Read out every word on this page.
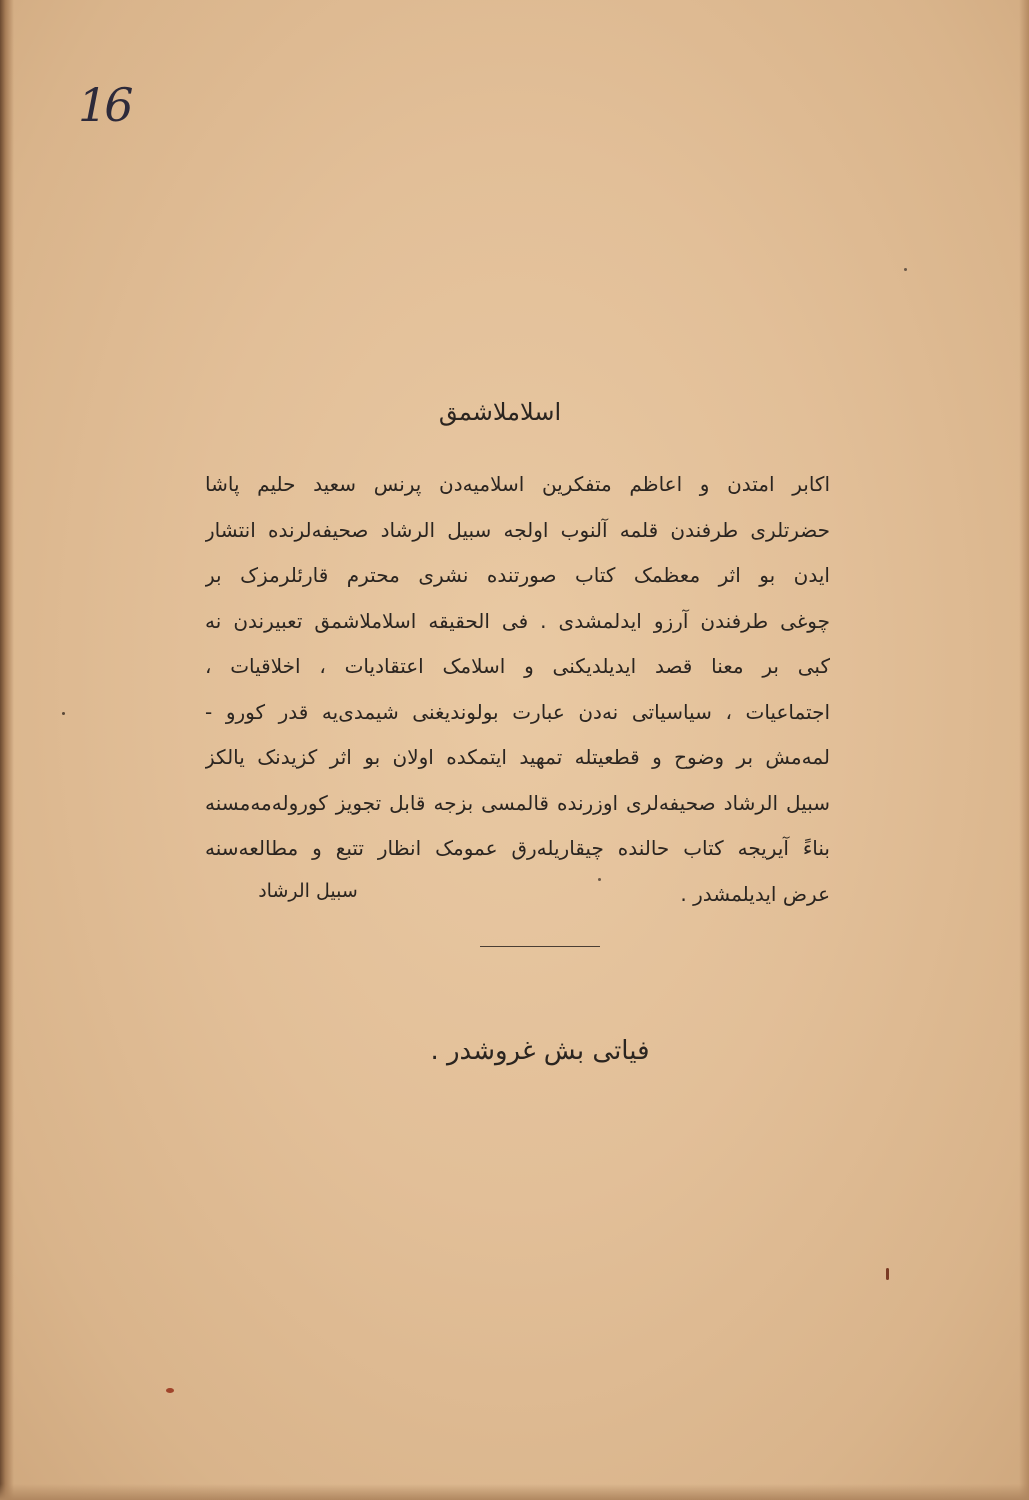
16
اسلاملاشمق
اکابر امتدن و اعاظم متفکرین اسلامیه‌دن پرنس سعید حلیم پاشا
حضرتلری طرفندن قلمه آلنوب اولجه سبیل الرشاد صحیفه‌لرنده انتشار
ایدن بو اثر معظمک کتاب صورتنده نشری محترم قارئلرمزک بر
چوغی طرفندن آرزو ایدلمشدی . فی الحقیقه اسلاملاشمق تعبیرندن نه
کبی بر معنا قصد ایدیلدیکنی و اسلامک اعتقادیات ، اخلاقیات ،
اجتماعیات ، سیاسیاتی نه‌دن عبارت بولوندیغنی شیمدی‌یه قدر کورو -
لمه‌مش بر وضوح و قطعیتله تمهید ایتمکده اولان بو اثر کزیدنک یالکز
سبیل الرشاد صحیفه‌لری اوزرنده قالمسی بزجه قابل تجویز کوروله‌مه‌مسنه
بناءً آیریجه کتاب حالنده چیقاریله‌رق عمومک انظار تتبع و مطالعه‌سنه
عرض ایدیلمشدر .
سبیل الرشاد
فیاتی بش غروشدر .
